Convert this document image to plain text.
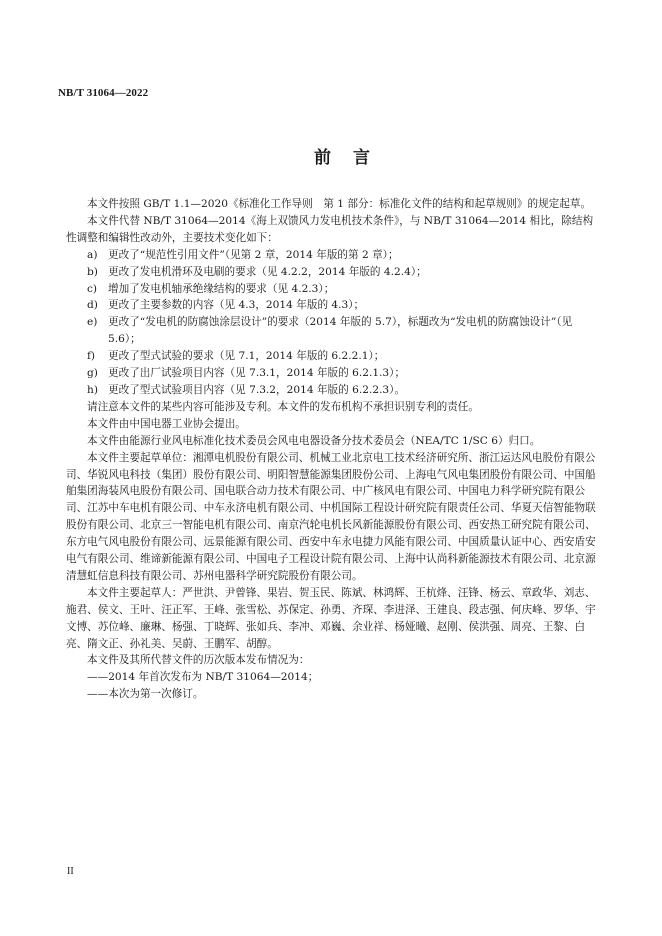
NB/T 31064—2022
前言

本文件按照 GB/T 1.1—2020《标准化工作导则　第 1 部分：标准化文件的结构和起草规则》的规定起草。

本文件代替 NB/T 31064—2014《海上双馈风力发电机技术条件》，与 NB/T 31064—2014 相比，除结构性调整和编辑性改动外，主要技术变化如下：

a) 更改了“规范性引用文件”（见第 2 章，2014 年版的第 2 章）；
b) 更改了发电机滑环及电刷的要求（见 4.2.2，2014 年版的 4.2.4）；
c)	增加了发电机轴承绝缘结构的要求（见 4.2.3）；
d) 更改了主要参数的内容（见 4.3，2014 年版的 4.3）；
e) 更改了“发电机的防腐蚀涂层设计”的要求（2014 年版的 5.7），标题改为“发电机的防腐蚀设计”（见 5.6）；
f)	更改了型式试验的要求（见 7.1，2014 年版的 6.2.2.1）；
g) 更改了出厂试验项目内容（见 7.3.1，2014 年版的 6.2.1.3）；
h) 更改了型式试验项目内容（见 7.3.2，2014 年版的 6.2.2.3）。

请注意本文件的某些内容可能涉及专利。本文件的发布机构不承担识别专利的责任。

本文件由中国电器工业协会提出。

本文件由能源行业风电标准化技术委员会风电电器设备分技术委员会（NEA/TC 1/SC 6）归口。

本文件主要起草单位：湘潭电机股份有限公司、机械工业北京电工技术经济研究所、浙江运达风电股份有限公司、华锐风电科技（集团）股份有限公司、明阳智慧能源集团股份公司、上海电气风电集团股份有限公司、中国船舶集团海装风电股份有限公司、国电联合动力技术有限公司、中广核风电有限公司、中国电力科学研究院有限公司、江苏中车电机有限公司、中车永济电机有限公司、中机国际工程设计研究院有限责任公司、华夏天信智能物联股份有限公司、北京三一智能电机有限公司、南京汽轮电机长风新能源股份有限公司、西安热工研究院有限公司、东方电气风电股份有限公司、远景能源有限公司、西安中车永电捷力风能有限公司、中国质量认证中心、西安盾安电气有限公司、维谛新能源有限公司、中国电子工程设计院有限公司、上海中认尚科新能源技术有限公司、北京源清慧虹信息科技有限公司、苏州电器科学研究院股份有限公司。

本文件主要起草人：严世洪、尹曾锋、果岩、贺玉民、陈斌、林鸿辉、王杭烽、汪锋、杨云、章政华、刘志、施君、侯文、王叶、汪正军、王峰、张雪松、苏保定、孙勇、齐琛、李进泽、王建良、段志强、何庆峰、罗华、宇文博、苏位峰、廉琳、杨强、丁晓辉、张如兵、李冲、邓巍、余业祥、杨娅曦、赵刚、侯洪强、周亮、王黎、白亮、隋文正、孙礼美、吴蔚、王鹏军、胡醇。

本文件及其所代替文件的历次版本发布情况为：

——2014 年首次发布为 NB/T 31064—2014；

——本次为第一次修订。

II
